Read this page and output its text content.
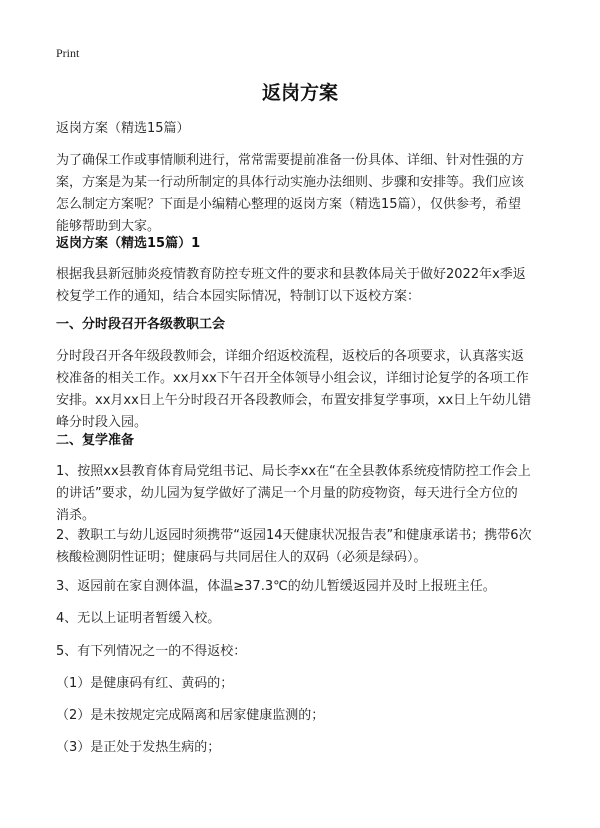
Print
返岗方案
返岗方案（精选15篇）
为了确保工作或事情顺利进行，常常需要提前准备一份具体、详细、针对性强的方
案，方案是为某一行动所制定的具体行动实施办法细则、步骤和安排等。我们应该
怎么制定方案呢？下面是小编精心整理的返岗方案（精选15篇），仅供参考，希望
能够帮助到大家。
返岗方案（精选15篇）1
根据我县新冠肺炎疫情教育防控专班文件的要求和县教体局关于做好2022年x季返
校复学工作的通知，结合本园实际情况，特制订以下返校方案：
一、分时段召开各级教职工会
分时段召开各年级段教师会，详细介绍返校流程，返校后的各项要求，认真落实返
校准备的相关工作。xx月xx下午召开全体领导小组会议，详细讨论复学的各项工作
安排。xx月xx日上午分时段召开各段教师会，布置安排复学事项，xx日上午幼儿错
峰分时段入园。
二、复学准备
1、按照xx县教育体育局党组书记、局长李xx在“在全县教体系统疫情防控工作会上
的讲话”要求，幼儿园为复学做好了满足一个月量的防疫物资，每天进行全方位的
消杀。
2、教职工与幼儿返园时须携带“返园14天健康状况报告表”和健康承诺书；携带6次
核酸检测阴性证明；健康码与共同居住人的双码（必须是绿码）。
3、返园前在家自测体温，体温≥37.3℃的幼儿暂缓返园并及时上报班主任。
4、无以上证明者暂缓入校。
5、有下列情况之一的不得返校：
（1）是健康码有红、黄码的；
（2）是未按规定完成隔离和居家健康监测的；
（3）是正处于发热生病的；
